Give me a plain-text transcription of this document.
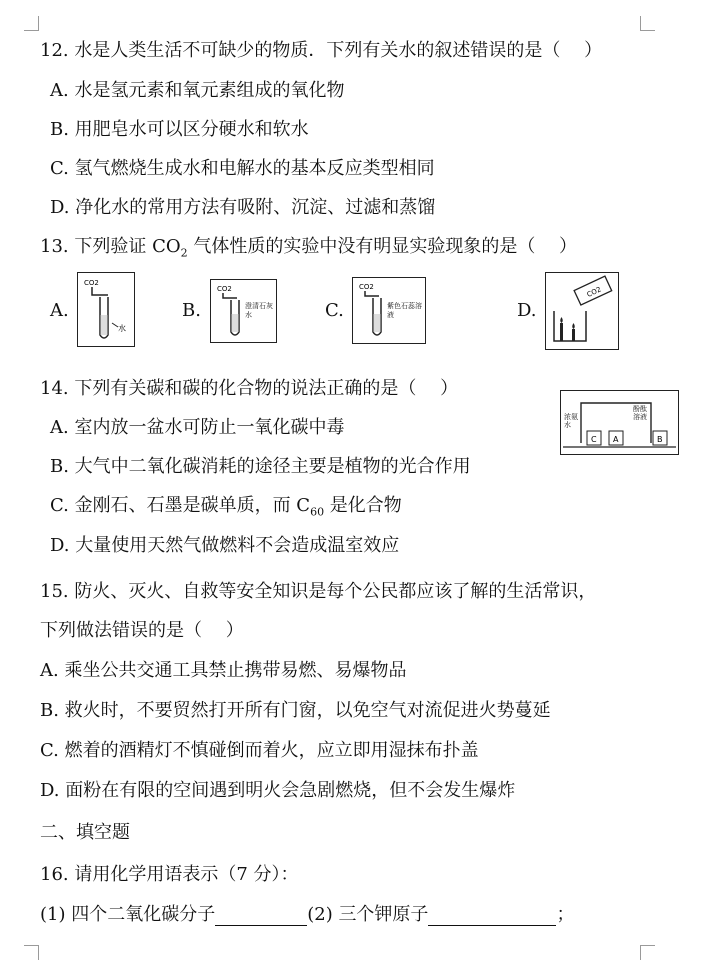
12. 水是人类生活不可缺少的物质．下列有关水的叙述错误的是（　 ）
A. 水是氢元素和氧元素组成的氧化物
B. 用肥皂水可以区分硬水和软水
C. 氢气燃烧生成水和电解水的基本反应类型相同
D. 净化水的常用方法有吸附、沉淀、过滤和蒸馏
13. 下列验证 $CO_2$ 气体性质的实验中没有明显实验现象的是（　 ）
A.
CO2
水
B.
CO2
澄清石灰水	C.
CO2
紫色石蕊溶液	D.
CO2
14. 下列有关碳和碳的化合物的说法正确的是（　 ）
A. 室内放一盆水可防止一氧化碳中毒
B. 大气中二氧化碳消耗的途径主要是植物的光合作用
C. 金刚石、石墨是碳单质，而 $C_{60}$ 是化合物
D. 大量使用天然气做燃料不会造成温室效应
浓氨水
酚酞溶液
C A	B
15. 防火、灭火、自救等安全知识是每个公民都应该了解的生活常识，
下列做法错误的是（　 ）
A. 乘坐公共交通工具禁止携带易燃、易爆物品
B. 救火时，不要贸然打开所有门窗，以免空气对流促进火势蔓延
C. 燃着的酒精灯不慎碰倒而着火，应立即用湿抹布扑盖
D. 面粉在有限的空间遇到明火会急剧燃烧，但不会发生爆炸
二、填空题
16. 请用化学用语表示（7 分）：
(1) 四个二氧化碳分子	(2) 三个钾原子	；
